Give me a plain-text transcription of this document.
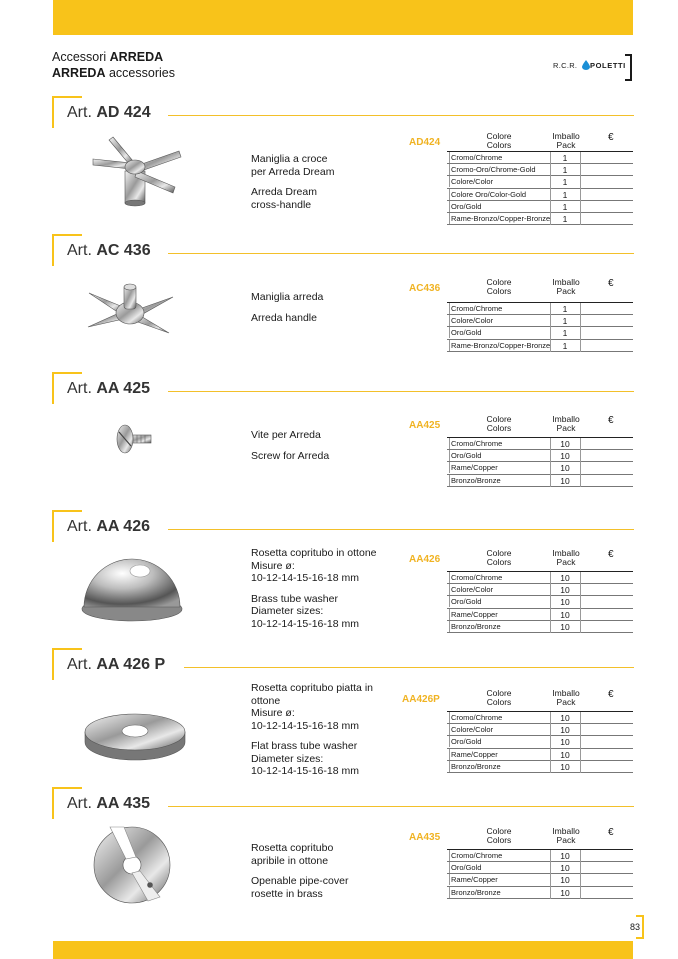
Accessori ARREDA
ARREDA accessories
R.C.R. POLETTI
Art. AD 424
Maniglia a croce
per Arreda Dream
Arreda Dream
cross-handle
AD424
Colore
Colors
Imballo
Pack
€
Cromo/Chrome	1
Cromo-Oro/Chrome-Gold	1
Colore/Color	1
Colore Oro/Color-Gold	1
Oro/Gold	1
Rame-Bronzo/Copper-Bronze	1
Art. AC 436
Maniglia arreda
Arreda handle
AC436
Colore
Colors
Imballo
Pack
€
Cromo/Chrome	1
Colore/Color	1
Oro/Gold	1
Rame-Bronzo/Copper-Bronze	1
Art. AA 425
Vite per Arreda
Screw for Arreda
AA425
Colore
Colors
Imballo
Pack
€
Cromo/Chrome	10
Oro/Gold	10
Rame/Copper	10
Bronzo/Bronze	10
Art. AA 426
Rosetta copritubo in ottone
Misure ø:
10-12-14-15-16-18 mm
Brass tube washer
Diameter sizes:
10-12-14-15-16-18 mm
AA426
Colore
Colors
Imballo
Pack
€
Cromo/Chrome	10
Colore/Color	10
Oro/Gold	10
Rame/Copper	10
Bronzo/Bronze	10
Art. AA 426 P
Rosetta copritubo piatta in
ottone
Misure ø:
10-12-14-15-16-18 mm
Flat brass tube washer
Diameter sizes:
10-12-14-15-16-18 mm
AA426P
Colore
Colors
Imballo
Pack
€
Cromo/Chrome	10
Colore/Color	10
Oro/Gold	10
Rame/Copper	10
Bronzo/Bronze	10
Art. AA 435
Rosetta copritubo
apribile in ottone
Openable pipe-cover
rosette in brass
AA435
Colore
Colors
Imballo
Pack
€
Cromo/Chrome	10
Oro/Gold	10
Rame/Copper	10
Bronzo/Bronze	10
83
